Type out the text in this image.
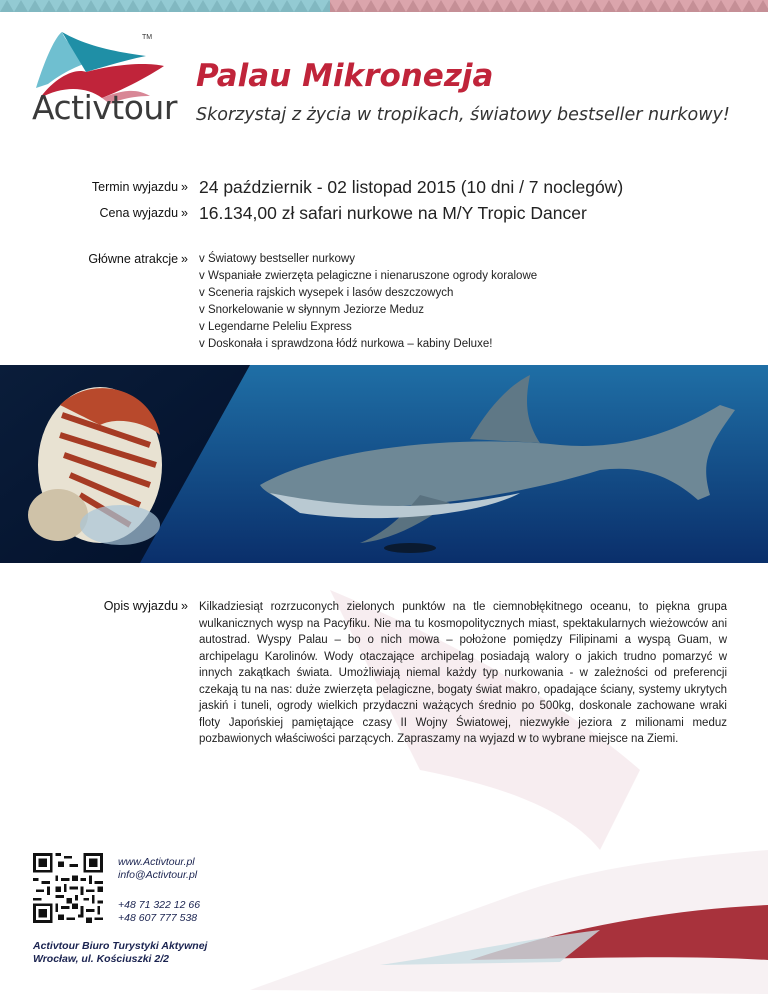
TM
Activtour
Palau Mikronezja

Skorzystaj z życia w tropikach, światowy bestseller nurkowy!

Termin wyjazdu » 24 październik - 02 listopad 2015 (10 dni / 7 noclegów)
Cena wyjazdu » 16.134,00 zł safari nurkowe na M/Y Tropic Dancer
Główne atrakcje » v Światowy bestseller nurkowy
v Wspaniałe zwierzęta pelagiczne i nienaruszone ogrody koralowe
v Sceneria rajskich wysepek i lasów deszczowych
v Snorkelowanie w słynnym Jeziorze Meduz
v Legendarne Peleliu Express
v Doskonała i sprawdzona łódź nurkowa – kabiny Deluxe!
Opis wyjazdu » Kilkadziesiąt rozrzuconych zielonych punktów na tle ciemnobłękitnego oceanu, to piękna grupa wulkanicznych wysp na Pacyfiku. Nie ma tu kosmopolitycznych miast, spektakularnych wieżowców ani autostrad. Wyspy Palau – bo o nich mowa – położone pomiędzy Filipinami a wyspą Guam, w archipelagu Karolinów. Wody otaczające archipelag posiadają walory o jakich trudno pomarzyć w innych zakątkach świata. Umożliwiają niemal każdy typ nurkowania - w zależności od preferencji czekają tu na nas: duże zwierzęta pelagiczne, bogaty świat makro, opadające ściany, systemy ukrytych jaskiń i tuneli, ogrody wielkich przydaczni ważących średnio po 500kg, doskonale zachowane wraki floty Japońskiej pamiętające czasy II Wojny Światowej, niezwykłe jeziora z milionami meduz pozbawionych właściwości parzących. Zapraszamy na wyjazd w to wybrane miejsce na Ziemi.

www.Activtour.pl
info@Activtour.pl
+48 71 322 12 66
+48 607 777 538
Activtour Biuro Turystyki Aktywnej
Wrocław, ul. Kościuszki 2/2
